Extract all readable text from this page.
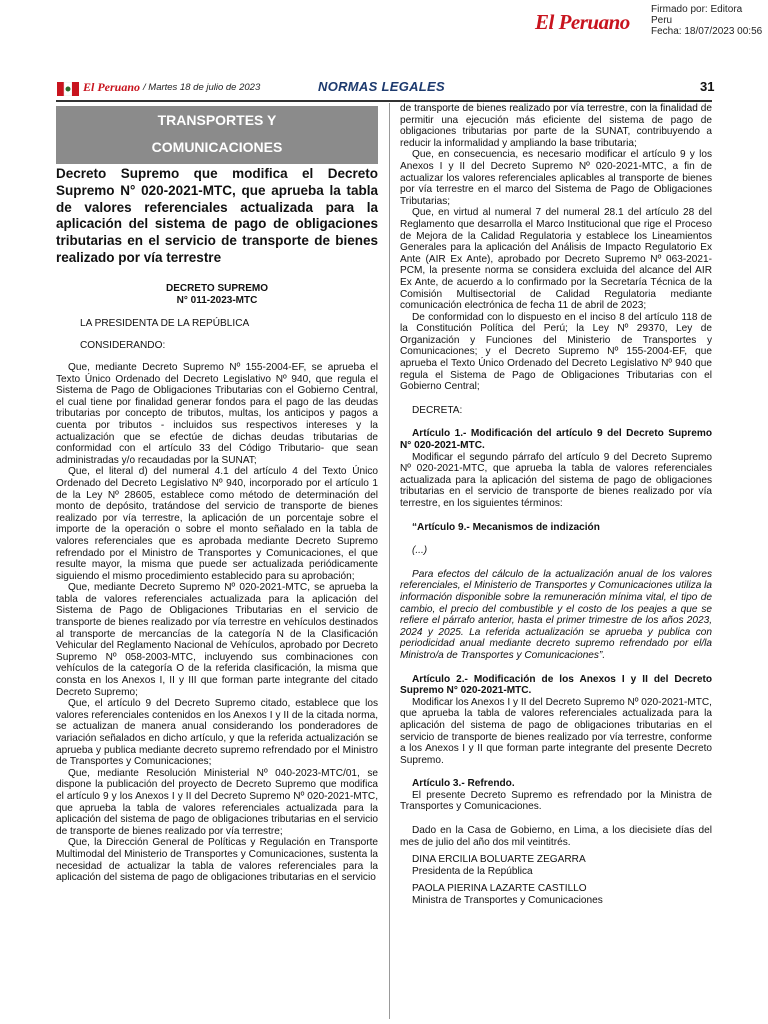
El Peruano
Firmado por: Editora
Peru
Fecha: 18/07/2023 00:56
El Peruano / Martes 18 de julio de 2023	NORMAS LEGALES	31
TRANSPORTES Y
COMUNICACIONES
Decreto Supremo que modifica el Decreto Supremo N° 020-2021-MTC, que aprueba la tabla de valores referenciales actualizada para la aplicación del sistema de pago de obligaciones tributarias en el servicio de transporte de bienes realizado por vía terrestre
DECRETO SUPREMO
N° 011-2023-MTC
LA PRESIDENTA DE LA REPÚBLICA
CONSIDERANDO:

Que, mediante Decreto Supremo Nº 155-2004-EF, se aprueba el Texto Único Ordenado del Decreto Legislativo Nº 940, que regula el Sistema de Pago de Obligaciones Tributarias con el Gobierno Central, el cual tiene por finalidad generar fondos para el pago de las deudas tributarias por concepto de tributos, multas, los anticipos y pagos a cuenta por tributos - incluidos sus respectivos intereses y la actualización que se efectúe de dichas deudas tributarias de conformidad con el artículo 33 del Código Tributario- que sean administradas y/o recaudadas por la SUNAT;

Que, el literal d) del numeral 4.1 del artículo 4 del Texto Único Ordenado del Decreto Legislativo Nº 940, incorporado por el artículo 1 de la Ley Nº 28605, establece como método de determinación del monto de depósito, tratándose del servicio de transporte de bienes realizado por vía terrestre, la aplicación de un porcentaje sobre el importe de la operación o sobre el monto señalado en la tabla de valores referenciales que es aprobada mediante Decreto Supremo refrendado por el Ministro de Transportes y Comunicaciones, el que resulte mayor, la misma que puede ser actualizada periódicamente siguiendo el mismo procedimiento establecido para su aprobación;

Que, mediante Decreto Supremo Nº 020-2021-MTC, se aprueba la tabla de valores referenciales actualizada para la aplicación del Sistema de Pago de Obligaciones Tributarias en el servicio de transporte de bienes realizado por vía terrestre en vehículos destinados al transporte de mercancías de la categoría N de la Clasificación Vehicular del Reglamento Nacional de Vehículos, aprobado por Decreto Supremo Nº 058-2003-MTC, incluyendo sus combinaciones con vehículos de la categoría O de la referida clasificación, la misma que consta en los Anexos I, II y III que forman parte integrante del citado Decreto Supremo;

Que, el artículo 9 del Decreto Supremo citado, establece que los valores referenciales contenidos en los Anexos I y II de la citada norma, se actualizan de manera anual considerando los ponderadores de variación señalados en dicho artículo, y que la referida actualización se aprueba y publica mediante decreto supremo refrendado por el Ministro de Transportes y Comunicaciones;

Que, mediante Resolución Ministerial Nº 040-2023-MTC/01, se dispone la publicación del proyecto de Decreto Supremo que modifica el artículo 9 y los Anexos I y II del Decreto Supremo Nº 020-2021-MTC, que aprueba la tabla de valores referenciales actualizada para la aplicación del sistema de pago de obligaciones tributarias en el servicio de transporte de bienes realizado por vía terrestre;

Que, la Dirección General de Políticas y Regulación en Transporte Multimodal del Ministerio de Transportes y Comunicaciones, sustenta la necesidad de actualizar la tabla de valores referenciales para la aplicación del sistema de pago de obligaciones tributarias en el servicio

de transporte de bienes realizado por vía terrestre, con la finalidad de permitir una ejecución más eficiente del sistema de pago de obligaciones tributarias por parte de la SUNAT, contribuyendo a reducir la informalidad y ampliando la base tributaria;

Que, en consecuencia, es necesario modificar el artículo 9 y los Anexos I y II del Decreto Supremo Nº 020-2021-MTC, a fin de actualizar los valores referenciales aplicables al transporte de bienes por vía terrestre en el marco del Sistema de Pago de Obligaciones Tributarias;

Que, en virtud al numeral 7 del numeral 28.1 del artículo 28 del Reglamento que desarrolla el Marco Institucional que rige el Proceso de Mejora de la Calidad Regulatoria y establece los Lineamientos Generales para la aplicación del Análisis de Impacto Regulatorio Ex Ante (AIR Ex Ante), aprobado por Decreto Supremo Nº 063-2021-PCM, la presente norma se considera excluida del alcance del AIR Ex Ante, de acuerdo a lo confirmado por la Secretaría Técnica de la Comisión Multisectorial de Calidad Regulatoria mediante comunicación electrónica de fecha 11 de abril de 2023;

De conformidad con lo dispuesto en el inciso 8 del artículo 118 de la Constitución Política del Perú; la Ley Nº 29370, Ley de Organización y Funciones del Ministerio de Transportes y Comunicaciones; y el Decreto Supremo Nº 155-2004-EF, que aprueba el Texto Único Ordenado del Decreto Legislativo Nº 940 que regula el Sistema de Pago de Obligaciones Tributarias con el Gobierno Central;

DECRETA:

Artículo 1.- Modificación del artículo 9 del Decreto Supremo N° 020-2021-MTC.

Modificar el segundo párrafo del artículo 9 del Decreto Supremo Nº 020-2021-MTC, que aprueba la tabla de valores referenciales actualizada para la aplicación del sistema de pago de obligaciones tributarias en el servicio de transporte de bienes realizado por vía terrestre, en los siguientes términos:

“Artículo 9.- Mecanismos de indización

(...)

Para efectos del cálculo de la actualización anual de los valores referenciales, el Ministerio de Transportes y Comunicaciones utiliza la información disponible sobre la remuneración mínima vital, el tipo de cambio, el precio del combustible y el costo de los peajes a que se refiere el párrafo anterior, hasta el primer trimestre de los años 2023, 2024 y 2025. La referida actualización se aprueba y publica con periodicidad anual mediante decreto supremo refrendado por el/la Ministro/a de Transportes y Comunicaciones”.

Artículo 2.- Modificación de los Anexos I y II del Decreto Supremo N° 020-2021-MTC.

Modificar los Anexos I y II del Decreto Supremo Nº 020-2021-MTC, que aprueba la tabla de valores referenciales actualizada para la aplicación del sistema de pago de obligaciones tributarias en el servicio de transporte de bienes realizado por vía terrestre, conforme a los Anexos I y II que forman parte integrante del presente Decreto Supremo.

Artículo 3.- Refrendo.

El presente Decreto Supremo es refrendado por la Ministra de Transportes y Comunicaciones.

Dado en la Casa de Gobierno, en Lima, a los diecisiete días del mes de julio del año dos mil veintitrés.

DINA ERCILIA BOLUARTE ZEGARRA

Presidenta de la República

PAOLA PIERINA LAZARTE CASTILLO

Ministra de Transportes y Comunicaciones
